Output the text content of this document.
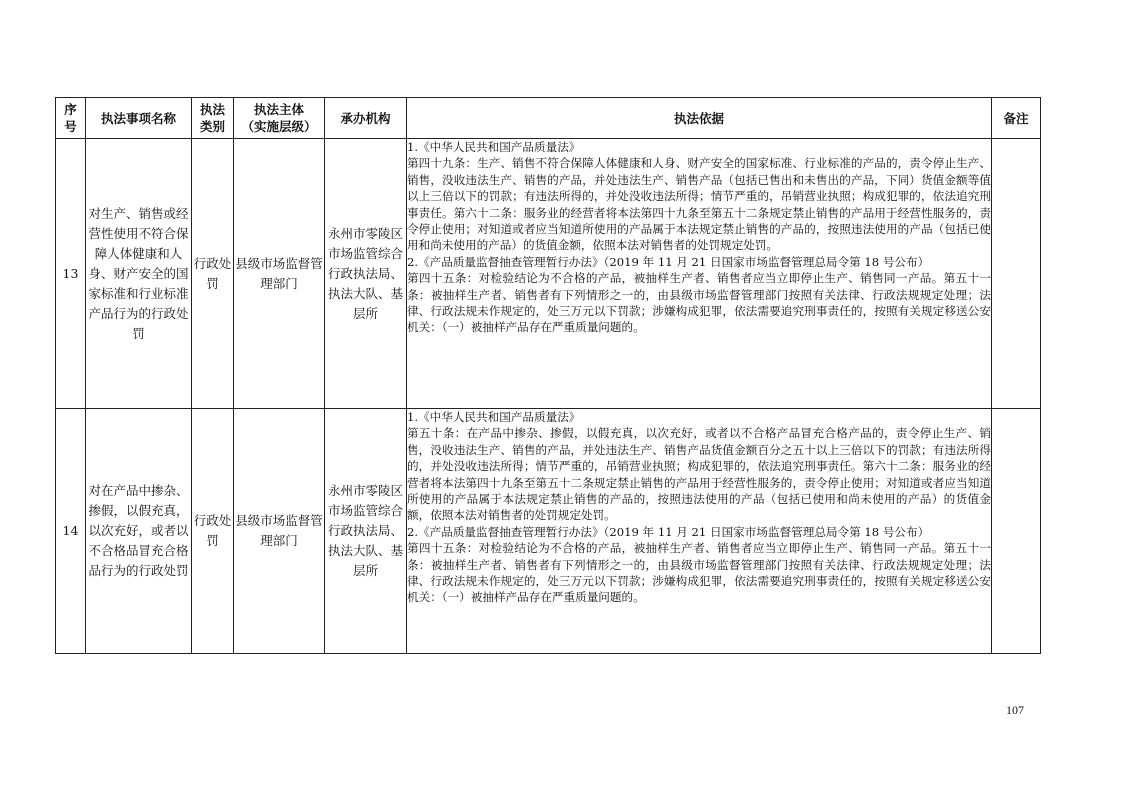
序
号	执法事项名称	执法
类别	执法主体
（实施层级）	承办机构	执法依据	备注
13	对生产、销售或经营性使用不符合保障人体健康和人身、财产安全的国家标准和行业标准产品行为的行政处罚	行政处罚	县级市场监督管理部门	永州市零陵区市场监管综合行政执法局、执法大队、基层所	1.《中华人民共和国产品质量法》
第四十九条：生产、销售不符合保障人体健康和人身、财产安全的国家标准、行业标准的产品的，责令停止生产、销售，没收违法生产、销售的产品，并处违法生产、销售产品（包括已售出和未售出的产品，下同）货值金额等值以上三倍以下的罚款；有违法所得的，并处没收违法所得；情节严重的，吊销营业执照；构成犯罪的，依法追究刑事责任。第六十二条：服务业的经营者将本法第四十九条至第五十二条规定禁止销售的产品用于经营性服务的，责令停止使用；对知道或者应当知道所使用的产品属于本法规定禁止销售的产品的，按照违法使用的产品（包括已使用和尚未使用的产品）的货值金额，依照本法对销售者的处罚规定处罚。
2.《产品质量监督抽查管理暂行办法》（2019 年 11 月 21 日国家市场监督管理总局令第 18 号公布）
第四十五条：对检验结论为不合格的产品，被抽样生产者、销售者应当立即停止生产、销售同一产品。第五十一条：被抽样生产者、销售者有下列情形之一的，由县级市场监督管理部门按照有关法律、行政法规规定处理；法律、行政法规未作规定的，处三万元以下罚款；涉嫌构成犯罪，依法需要追究刑事责任的，按照有关规定移送公安机关：（一）被抽样产品存在严重质量问题的。	

14	对在产品中掺杂、掺假，以假充真，以次充好，或者以不合格品冒充合格品行为的行政处罚	行政处罚	县级市场监督管理部门	永州市零陵区市场监管综合行政执法局、执法大队、基层所	1.《中华人民共和国产品质量法》
第五十条：在产品中掺杂、掺假，以假充真，以次充好，或者以不合格产品冒充合格产品的，责令停止生产、销售，没收违法生产、销售的产品，并处违法生产、销售产品货值金额百分之五十以上三倍以下的罚款；有违法所得的，并处没收违法所得；情节严重的，吊销营业执照；构成犯罪的，依法追究刑事责任。第六十二条：服务业的经营者将本法第四十九条至第五十二条规定禁止销售的产品用于经营性服务的，责令停止使用；对知道或者应当知道所使用的产品属于本法规定禁止销售的产品的，按照违法使用的产品（包括已使用和尚未使用的产品）的货值金额，依照本法对销售者的处罚规定处罚。
2.《产品质量监督抽查管理暂行办法》（2019 年 11 月 21 日国家市场监督管理总局令第 18 号公布）
第四十五条：对检验结论为不合格的产品，被抽样生产者、销售者应当立即停止生产、销售同一产品。第五十一条：被抽样生产者、销售者有下列情形之一的，由县级市场监督管理部门按照有关法律、行政法规规定处理；法律、行政法规未作规定的，处三万元以下罚款；涉嫌构成犯罪，依法需要追究刑事责任的，按照有关规定移送公安机关：（一）被抽样产品存在严重质量问题的。	

107
